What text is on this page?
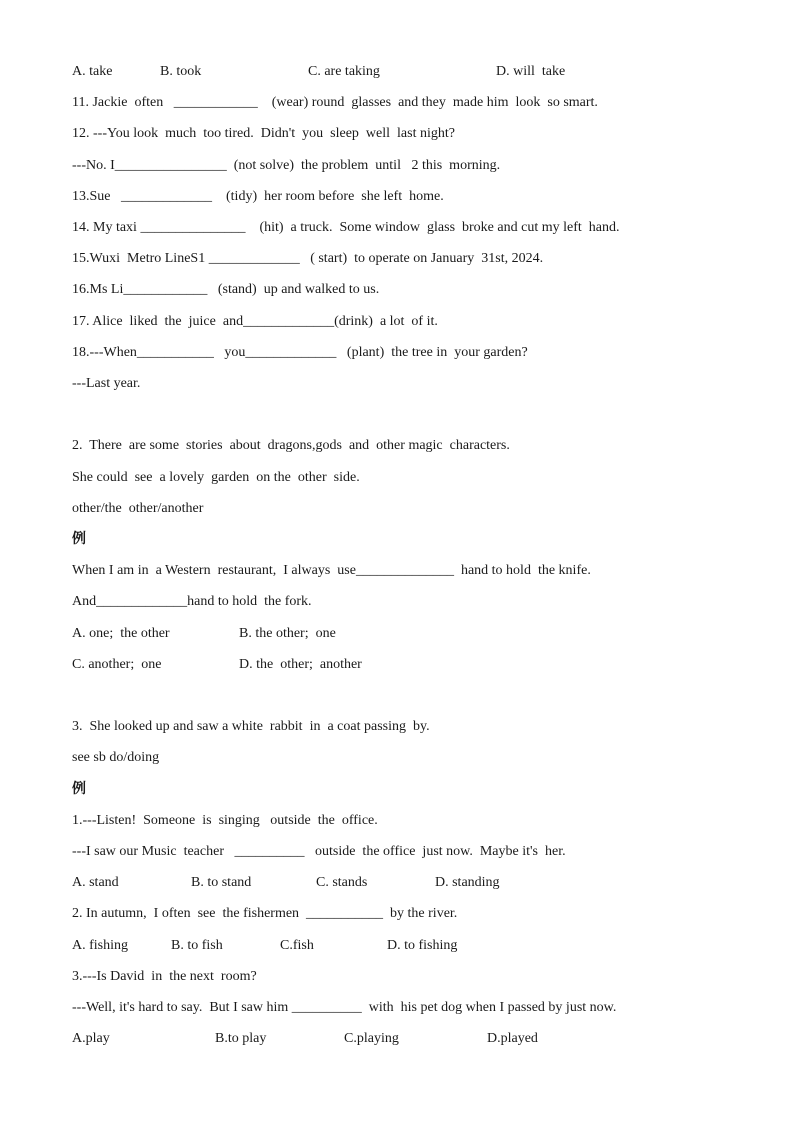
A. take	B. took	C. are taking	D. will  take
11. Jackie  often   ____________    (wear) round  glasses  and they  made him  look  so smart.
12. ---You look  much  too tired.  Didn't  you  sleep  well  last night?
---No. I________________  (not solve)  the problem  until   2 this  morning.
13.Sue   _____________    (tidy)  her room before  she left  home.
14. My taxi _______________    (hit)  a truck.  Some window  glass  broke and cut my left  hand.
15.Wuxi  Metro LineS1 _____________   ( start)  to operate on January  31st, 2024.
16.Ms Li____________   (stand)  up and walked to us.
17. Alice  liked  the  juice  and_____________(drink)  a lot  of it.
18.---When___________   you_____________   (plant)  the tree in  your garden?
---Last year.
2.  There  are some  stories  about  dragons,gods  and  other magic  characters.
She could  see  a lovely  garden  on the  other  side.
other/the  other/another
例
When I am in  a Western  restaurant,  I always  use______________  hand to hold  the knife.
And_____________hand to hold  the fork.
A. one;  the other	B. the other;  one
C. another;  one	D. the  other;  another
3.  She looked up and saw a white  rabbit  in  a coat passing  by.
see sb do/doing
例
1.---Listen!  Someone  is  singing   outside  the  office.
---I saw our Music  teacher   __________   outside  the office  just now.  Maybe it's  her.
A. stand	B. to stand	C. stands	D. standing
2. In autumn,  I often  see  the fishermen  ___________  by the river.
A. fishing	B. to fish	C.fish	D. to fishing
3.---Is David  in  the next  room?
---Well, it's hard to say.  But I saw him __________  with  his pet dog when I passed by just now.
A.play	B.to play	C.playing	D.played
